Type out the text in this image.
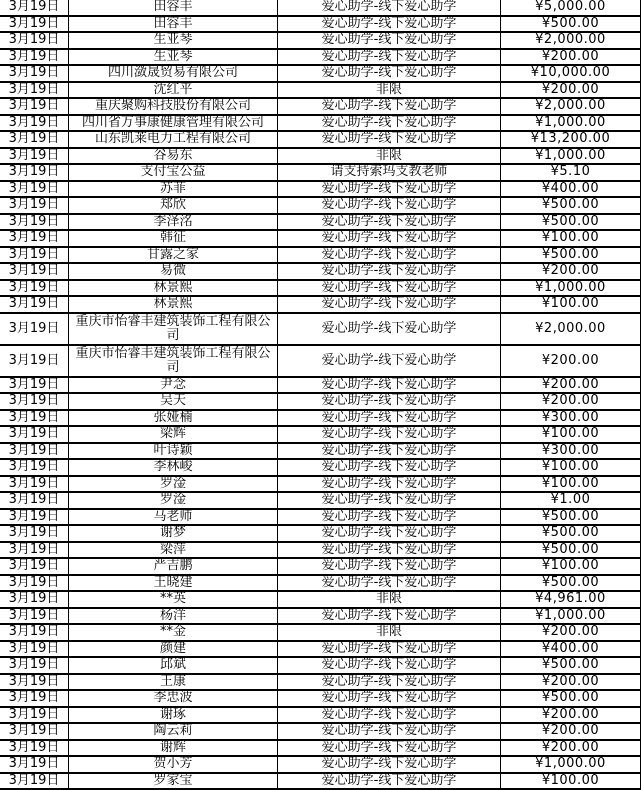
3月19日	田容丰	爱心助学-线下爱心助学	¥5,000.00
3月19日	田容丰	爱心助学-线下爱心助学	¥500.00
3月19日	生亚琴	爱心助学-线下爱心助学	¥2,000.00
3月19日	生亚琴	爱心助学-线下爱心助学	¥200.00
3月19日	四川潋晟贸易有限公司	爱心助学-线下爱心助学	¥10,000.00
3月19日	沈红平	非限	¥200.00
3月19日	重庆聚购科技股份有限公司	爱心助学-线下爱心助学	¥2,000.00
3月19日	四川省万事康健康管理有限公司	爱心助学-线下爱心助学	¥1,000.00
3月19日	山东凯莱电力工程有限公司	爱心助学-线下爱心助学	¥13,200.00
3月19日	谷易东	非限	¥1,000.00
3月19日	支付宝公益	请支持索玛支教老师	¥5.10
3月19日	苏菲	爱心助学-线下爱心助学	¥400.00
3月19日	郑欣	爱心助学-线下爱心助学	¥500.00
3月19日	李泽洺	爱心助学-线下爱心助学	¥500.00
3月19日	韩征	爱心助学-线下爱心助学	¥100.00
3月19日	甘露之家	爱心助学-线下爱心助学	¥500.00
3月19日	易微	爱心助学-线下爱心助学	¥200.00
3月19日	林景熙	爱心助学-线下爱心助学	¥1,000.00
3月19日	林景熙	爱心助学-线下爱心助学	¥100.00
3月19日	重庆市怡睿丰建筑装饰工程有限公司	爱心助学-线下爱心助学	¥2,000.00
3月19日	重庆市怡睿丰建筑装饰工程有限公司	爱心助学-线下爱心助学	¥200.00
3月19日	尹念	爱心助学-线下爱心助学	¥200.00
3月19日	吴天	爱心助学-线下爱心助学	¥200.00
3月19日	张娅楠	爱心助学-线下爱心助学	¥300.00
3月19日	梁辉	爱心助学-线下爱心助学	¥100.00
3月19日	叶诗颖	爱心助学-线下爱心助学	¥300.00
3月19日	李林峻	爱心助学-线下爱心助学	¥100.00
3月19日	罗淦	爱心助学-线下爱心助学	¥100.00
3月19日	罗淦	爱心助学-线下爱心助学	¥1.00
3月19日	马老师	爱心助学-线下爱心助学	¥500.00
3月19日	谢梦	爱心助学-线下爱心助学	¥500.00
3月19日	梁萍	爱心助学-线下爱心助学	¥500.00
3月19日	严吉鹏	爱心助学-线下爱心助学	¥100.00
3月19日	王晓建	爱心助学-线下爱心助学	¥500.00
3月19日	**英	非限	¥4,961.00
3月19日	杨洋	爱心助学-线下爱心助学	¥1,000.00
3月19日	**金	非限	¥200.00
3月19日	颜建	爱心助学-线下爱心助学	¥400.00
3月19日	邱斌	爱心助学-线下爱心助学	¥500.00
3月19日	王康	爱心助学-线下爱心助学	¥200.00
3月19日	李忠波	爱心助学-线下爱心助学	¥500.00
3月19日	谢琢	爱心助学-线下爱心助学	¥200.00
3月19日	陶云莉	爱心助学-线下爱心助学	¥200.00
3月19日	谢辉	爱心助学-线下爱心助学	¥200.00
3月19日	贺小芳	爱心助学-线下爱心助学	¥1,000.00
3月19日	罗家宝	爱心助学-线下爱心助学	¥100.00
